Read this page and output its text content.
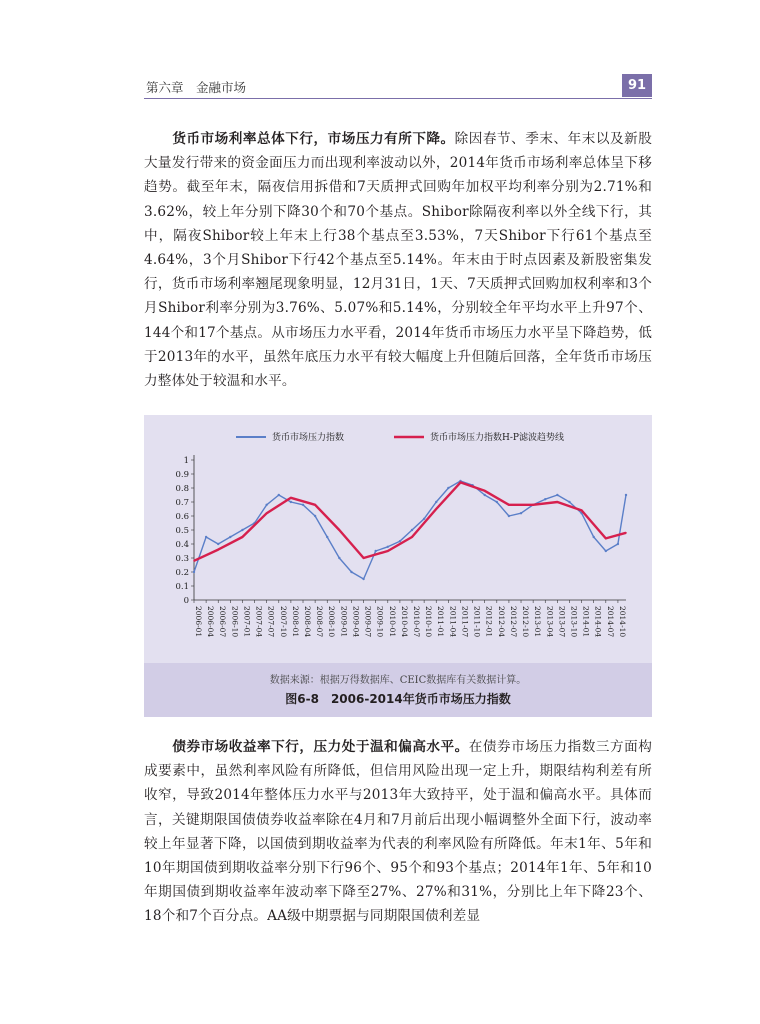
第六章　金融市场	91
货币市场利率总体下行，市场压力有所下降。除因春节、季末、年末以及新股大量发行带来的资金面压力而出现利率波动以外，2014年货币市场利率总体呈下移趋势。截至年末，隔夜信用拆借和7天质押式回购年加权平均利率分别为2.71%和3.62%，较上年分别下降30个和70个基点。Shibor除隔夜利率以外全线下行，其中，隔夜Shibor较上年末上行38个基点至3.53%，7天Shibor下行61个基点至4.64%，3个月Shibor下行42个基点至5.14%。年末由于时点因素及新股密集发行，货币市场利率翘尾现象明显，12月31日，1天、7天质押式回购加权利率和3个月Shibor利率分别为3.76%、5.07%和5.14%，分别较全年平均水平上升97个、144个和17个基点。从市场压力水平看，2014年货币市场压力水平呈下降趋势，低于2013年的水平，虽然年底压力水平有较大幅度上升但随后回落，全年货币市场压力整体处于较温和水平。
货币市场压力指数	货币市场压力指数H-P滤波趋势线
0
0.1
0.2
0.3
0.4
0.5
0.6
0.7
0.8
0.9
1
2006-01 2006-04 2006-07 2006-10 2007-01 2007-04 2007-07 2007-10 2008-01 2008-04 2008-07 2008-10 2009-01 2009-04 2009-07 2009-10 2010-01 2010-04 2010-07 2010-10 2011-01 2011-04 2011-07 2011-10 2012-01 2012-04 2012-07 2012-10 2013-01 2013-04 2013-07 2013-10 2014-01 2014-04 2014-07 2014-10
数据来源：根据万得数据库、CEIC数据库有关数据计算。
图6-8　2006-2014年货币市场压力指数
债券市场收益率下行，压力处于温和偏高水平。在债券市场压力指数三方面构成要素中，虽然利率风险有所降低，但信用风险出现一定上升，期限结构利差有所收窄，导致2014年整体压力水平与2013年大致持平，处于温和偏高水平。具体而言，关键期限国债债券收益率除在4月和7月前后出现小幅调整外全面下行，波动率较上年显著下降，以国债到期收益率为代表的利率风险有所降低。年末1年、5年和10年期国债到期收益率分别下行96个、95个和93个基点；2014年1年、5年和10年期国债到期收益率年波动率下降至27%、27%和31%，分别比上年下降23个、18个和7个百分点。AA级中期票据与同期限国债利差显
